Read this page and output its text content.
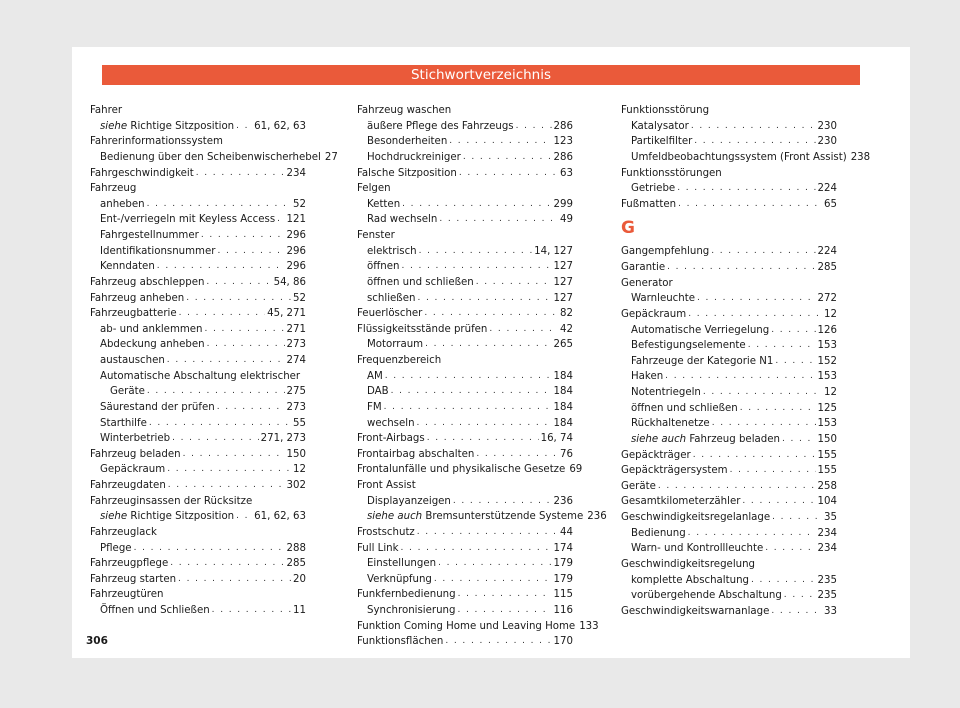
Stichwortverzeichnis
Fahrer
siehe Richtige Sitzposition . . . 61, 62, 63
Fahrerinformationssystem
Bedienung über den Scheibenwischerhebel 27
Fahrgeschwindigkeit . . .	234
Fahrzeug
anheben . . .	52
Ent-/verriegeln mit Keyless Access . . . 121
Fahrgestellnummer . . .	296
Identifikationsnummer . . .	296
Kenndaten . . .	296
Fahrzeug abschleppen . . .	54, 86
Fahrzeug anheben . . .	52
Fahrzeugbatterie . . .	45, 271
ab- und anklemmen . . .	271
Abdeckung anheben . . .	273
austauschen . . .	274
Automatische Abschaltung elektrischer
Geräte . . .	275
Säurestand der prüfen . . .	273
Starthilfe . . .	55
Winterbetrieb . . .	271, 273
Fahrzeug beladen . . .	150
Gepäckraum . . .	12
Fahrzeugdaten . . .	302
Fahrzeuginsassen der Rücksitze
siehe Richtige Sitzposition . . . 61, 62, 63
Fahrzeuglack
Pflege . . .	288
Fahrzeugpflege . . .	285
Fahrzeug starten . . .	20
Fahrzeugtüren
Öffnen und Schließen . . .	11
Fahrzeug waschen
äußere Pflege des Fahrzeugs . . .	286
Besonderheiten . . .	123
Hochdruckreiniger . . .	286
Falsche Sitzposition . . .	63
Felgen
Ketten . . .	299
Rad wechseln . . .	49
Fenster
elektrisch . . .	14, 127
öffnen . . .	127
öffnen und schließen . . .	127
schließen . . .	127
Feuerlöscher . . .	82
Flüssigkeitsstände prüfen . . .	42
Motorraum . . .	265
Frequenzbereich
AM . . .	184
DAB . . .	184
FM . . .	184
wechseln . . .	184
Front-Airbags . . .	16, 74
Frontairbag abschalten . . .	76
Frontalunfälle und physikalische Gesetze 69
Front Assist
Displayanzeigen . . .	236
siehe auch Bremsunterstützende Systeme 236
Frostschutz . . .	44
Full Link . . .	174
Einstellungen . . .	179
Verknüpfung . . .	179
Funkfernbedienung . . .	115
Synchronisierung . . .	116
Funktion Coming Home und Leaving Home 133
Funktionsflächen . . .	170
Funktionsstörung
Katalysator . . .	230
Partikelfilter . . .	230
Umfeldbeobachtungssystem (Front Assist) 238
Funktionsstörungen
Getriebe . . .	224
Fußmatten . . .	65
G
Gangempfehlung . . .	224
Garantie . . .	285
Generator
Warnleuchte . . .	272
Gepäckraum . . .	12
Automatische Verriegelung . . .	126
Befestigungselemente . . .	153
Fahrzeuge der Kategorie N1 . . .	152
Haken . . .	153
Notentriegeln . . .	12
öffnen und schließen . . .	125
Rückhaltenetze . . .	153
siehe auch Fahrzeug beladen . . .	150
Gepäckträger . . .	155
Gepäckträgersystem . . .	155
Geräte . . .	258
Gesamtkilometerzähler . . .	104
Geschwindigkeitsregelanlage . . .	35
Bedienung . . .	234
Warn- und Kontrollleuchte . . .	234
Geschwindigkeitsregelung
komplette Abschaltung . . .	235
vorübergehende Abschaltung . . .	235
Geschwindigkeitswarnanlage . . .	33
306
